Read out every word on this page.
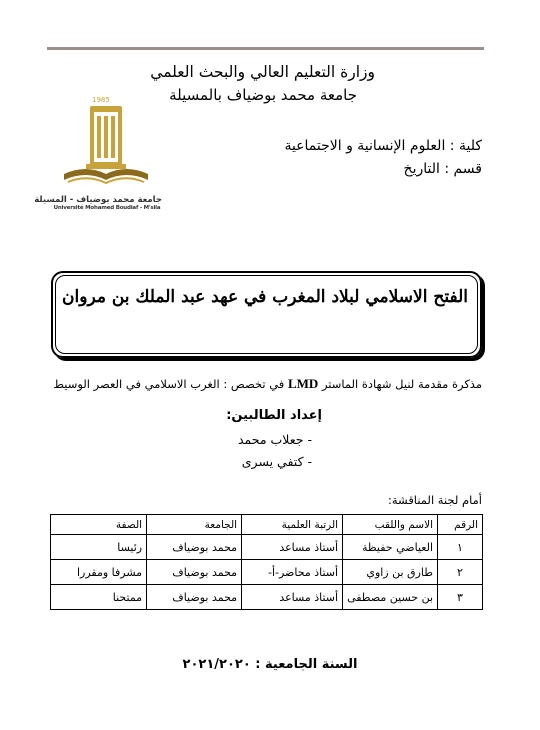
وزارة التعليم العالي والبحث العلمي
جامعة محمد بوضياف بالمسيلة
1985
جامعة محمد بوضياف - المسيلة
Université Mohamed Boudiaf - M'sila
كلية : العلوم الإنسانية و الاجتماعية
قسم : التاريخ
الفتح الاسلامي لبلاد المغرب في عهد عبد الملك بن مروان
مذكرة مقدمة لنيل شهادة الماستر LMD في تخصص : الغرب الاسلامي في العصر الوسيط
إعداد الطالبين:
- جعلاب محمد
- كتفي يسرى
أمام لجنة المناقشة:
الرقم	الاسم واللقب	الرتبة العلمية	الجامعة	الصفة
١	العياضي حفيظة	أستاذ مساعد	محمد بوضياف	رئيسا
٢	طارق بن زاوي	أستاذ محاضر-أ-	محمد بوضياف	مشرفا ومقررا
٣	بن حسين مصطفى	أستاذ مساعد	محمد بوضياف	ممتحنا
السنة الجامعية : ٢٠٢١/٢٠٢٠
